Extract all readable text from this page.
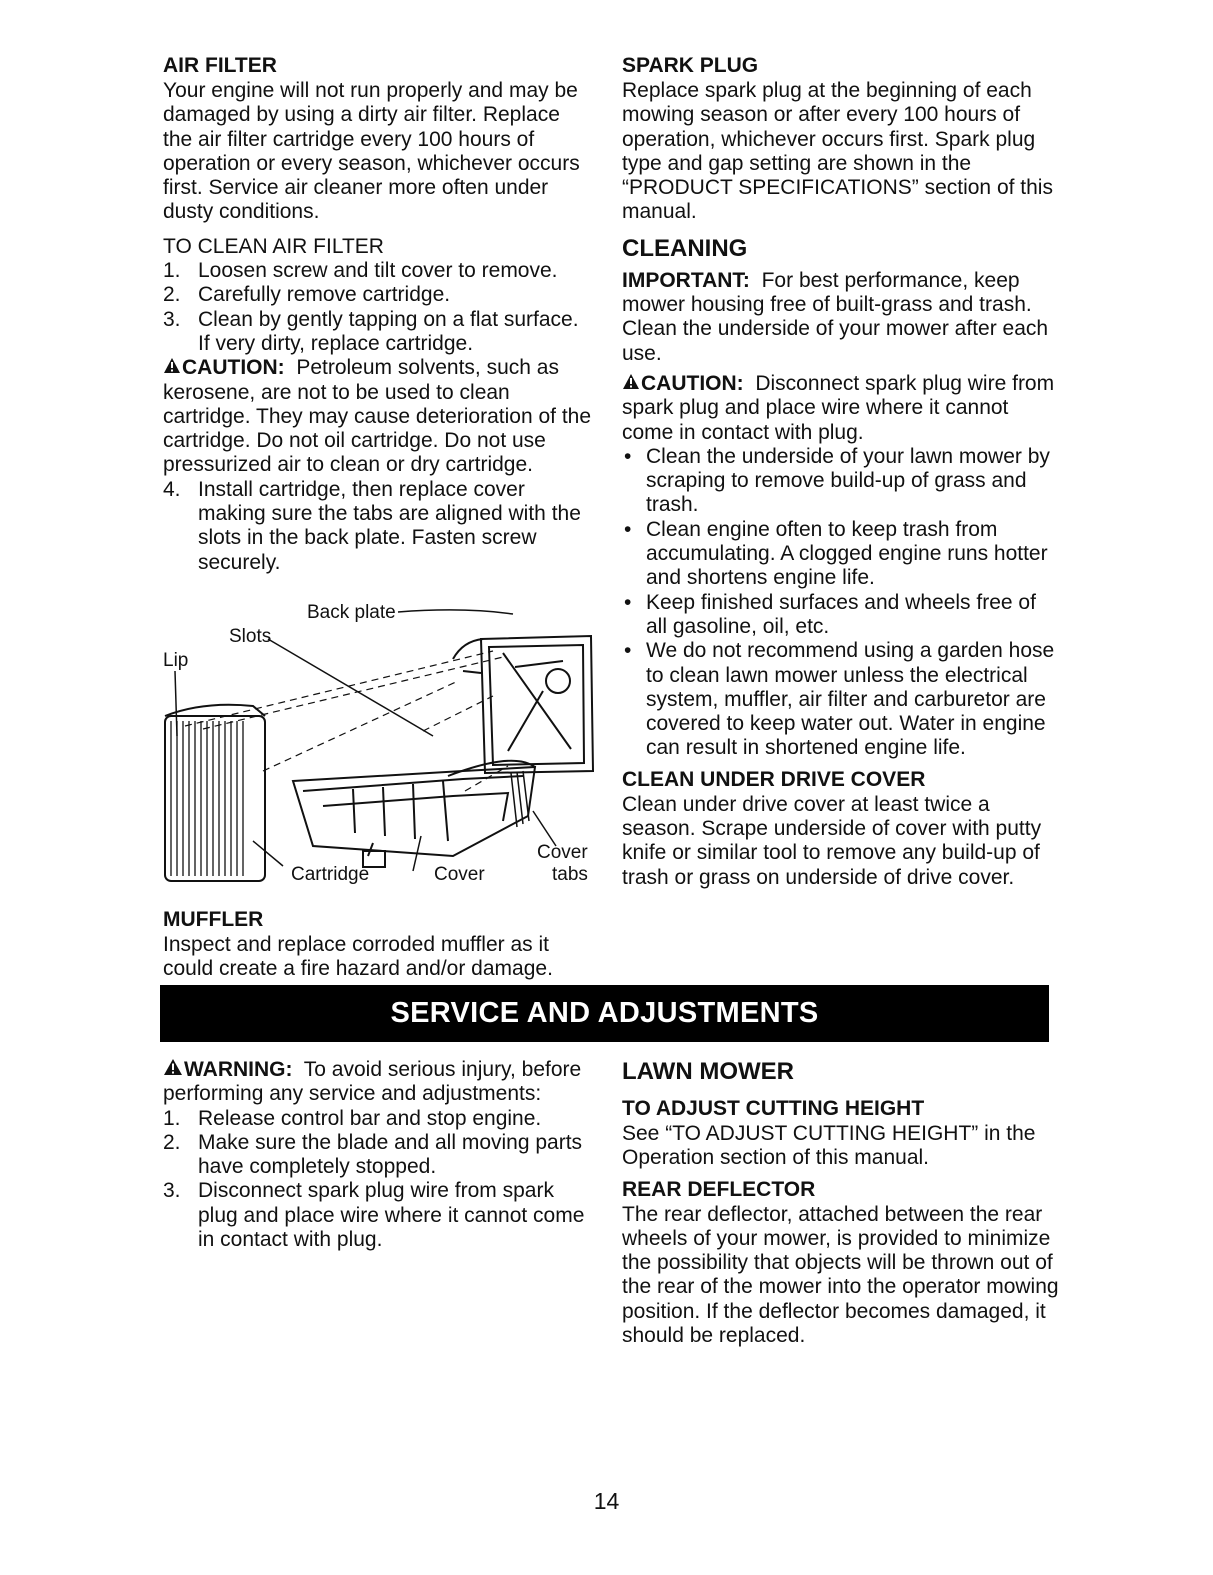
AIR FILTER

Your engine will not run properly and may be damaged by using a dirty air filter. Replace the air filter cartridge every 100 hours of operation or every season, whichever occurs first. Service air cleaner more often under dusty conditions.

TO CLEAN AIR FILTER

1. Loosen screw and tilt cover to remove.
2. Carefully remove cartridge.
3. Clean by gently tapping on a flat surface. If very dirty, replace cartridge.

CAUTION: Petroleum solvents, such as kerosene, are not to be used to clean cartridge. They may cause deterioration of the cartridge. Do not oil cartridge. Do not use pressurized air to clean or dry cartridge.

4. Install cartridge, then replace cover making sure the tabs are aligned with the slots in the back plate. Fasten screw securely.
Back plate
Slots
Lip
Cartridge	Cover
Cover
tabs
MUFFLER

Inspect and replace corroded muffler as it could create a fire hazard and/or damage.

SPARK PLUG

Replace spark plug at the beginning of each mowing season or after every 100 hours of operation, whichever occurs first. Spark plug type and gap setting are shown in the “PRODUCT SPECIFICATIONS” section of this manual.

CLEANING

IMPORTANT: For best performance, keep mower housing free of built-grass and trash. Clean the underside of your mower after each use.

CAUTION: Disconnect spark plug wire from spark plug and place wire where it cannot come in contact with plug.

• Clean the underside of your lawn mower by scraping to remove build-up of grass and trash.
• Clean engine often to keep trash from accumulating. A clogged engine runs hotter and shortens engine life.
• Keep finished surfaces and wheels free of all gasoline, oil, etc.
• We do not recommend using a garden hose to clean lawn mower unless the electrical system, muffler, air filter and carburetor are covered to keep water out. Water in engine can result in shortened engine life.
CLEAN UNDER DRIVE COVER

Clean under drive cover at least twice a season. Scrape underside of cover with putty knife or similar tool to remove any build-up of trash or grass on underside of drive cover.

SERVICE AND ADJUSTMENTS

WARNING: To avoid serious injury, before performing any service and adjustments:

1. Release control bar and stop engine.
2. Make sure the blade and all moving parts have completely stopped.
3. Disconnect spark plug wire from spark plug and place wire where it cannot come in contact with plug.
LAWN MOWER
TO ADJUST CUTTING HEIGHT

See “TO ADJUST CUTTING HEIGHT” in the Operation section of this manual.

REAR DEFLECTOR

The rear deflector, attached between the rear wheels of your mower, is provided to minimize the possibility that objects will be thrown out of the rear of the mower into the operator mowing position. If the deflector becomes damaged, it should be replaced.

14
